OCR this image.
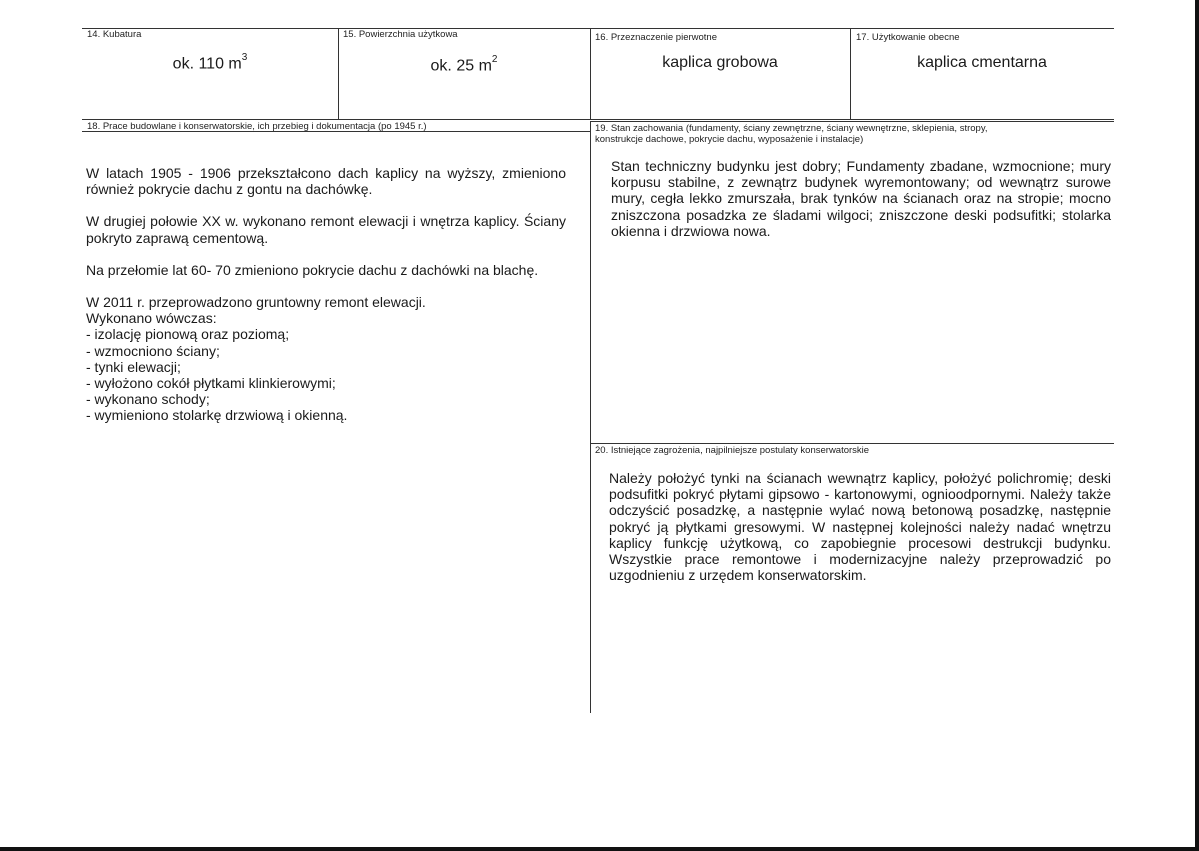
14. Kubatura
ok. 110 $m^3$
15. Powierzchnia użytkowa
ok. 25 $m^2$
16. Przeznaczenie pierwotne
kaplica grobowa
17. Użytkowanie obecne
kaplica cmentarna
18. Prace budowlane i konserwatorskie, ich przebieg i dokumentacja (po 1945 r.)

W latach 1905 - 1906 przekształcono dach kaplicy na wyższy, zmieniono również pokrycie dachu z gontu na dachówkę.

W drugiej połowie XX w. wykonano remont elewacji i wnętrza kaplicy. Ściany pokryto zaprawą cementową.

Na przełomie lat 60- 70 zmieniono pokrycie dachu z dachówki na blachę.

W 2011 r. przeprowadzono gruntowny remont elewacji.

Wykonano wówczas:

- izolację pionową oraz poziomą;

- wzmocniono ściany;

- tynki elewacji;

- wyłożono cokół płytkami klinkierowymi;

- wykonano schody;

- wymieniono stolarkę drzwiową i okienną.

19. Stan zachowania (fundamenty, ściany zewnętrzne, ściany wewnętrzne, sklepienia, stropy, konstrukcje dachowe, pokrycie dachu, wyposażenie i instalacje)
Stan techniczny budynku jest dobry; Fundamenty zbadane, wzmocnione; mury korpusu stabilne, z zewnątrz budynek wyremontowany; od wewnątrz surowe mury, cegła lekko zmurszała, brak tynków na ścianach oraz na stropie; mocno zniszczona posadzka ze śladami wilgoci; zniszczone deski podsufitki; stolarka okienna i drzwiowa nowa.
20. Istniejące zagrożenia, najpilniejsze postulaty konserwatorskie
Należy położyć tynki na ścianach wewnątrz kaplicy, położyć polichromię; deski podsufitki pokryć płytami gipsowo - kartonowymi, ognioodpornymi. Należy także odczyścić posadzkę, a następnie wylać nową betonową posadzkę, następnie pokryć ją płytkami gresowymi. W następnej kolejności należy nadać wnętrzu kaplicy funkcję użytkową, co zapobiegnie procesowi destrukcji budynku. Wszystkie prace remontowe i modernizacyjne należy przeprowadzić po uzgodnieniu z urzędem konserwatorskim.
